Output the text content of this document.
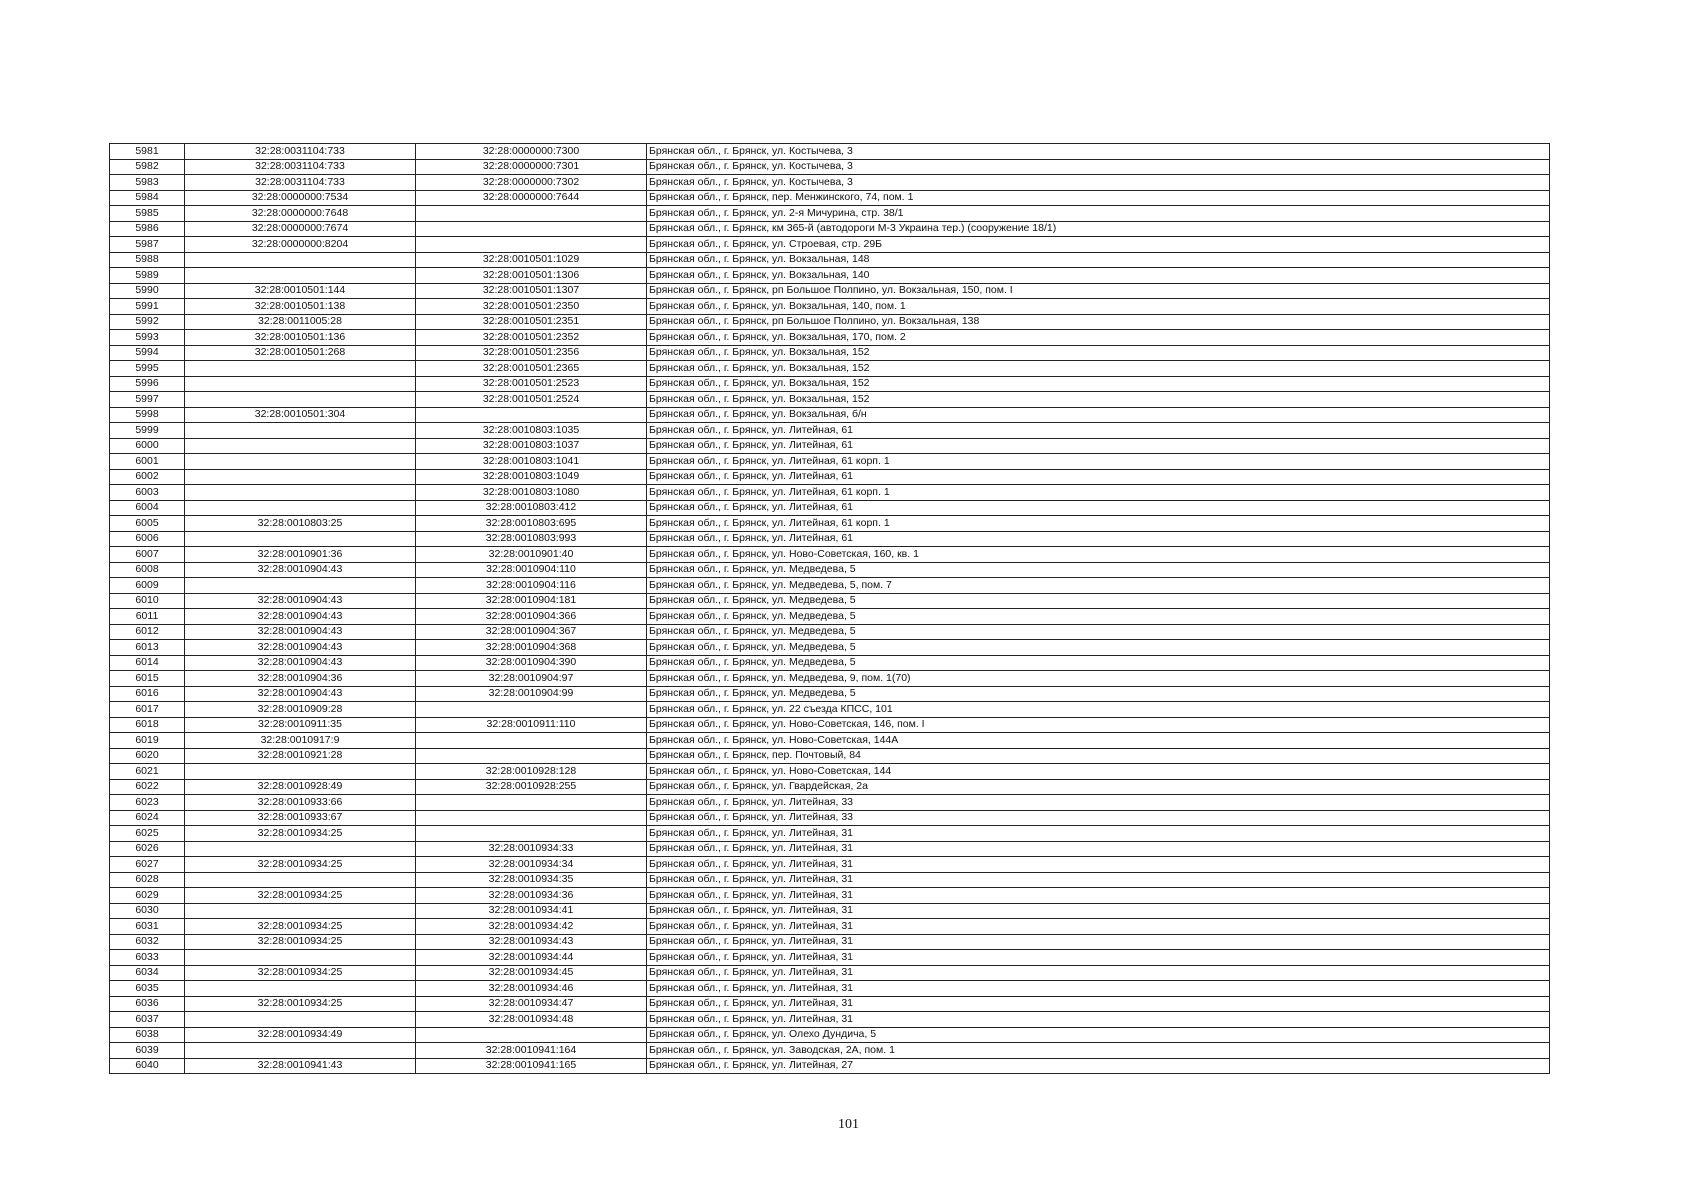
5981	32:28:0031104:733	32:28:0000000:7300	Брянская обл., г. Брянск, ул. Костычева, 3
5982	32:28:0031104:733	32:28:0000000:7301	Брянская обл., г. Брянск, ул. Костычева, 3
5983	32:28:0031104:733	32:28:0000000:7302	Брянская обл., г. Брянск, ул. Костычева, 3
5984	32:28:0000000:7534	32:28:0000000:7644	Брянская обл., г. Брянск, пер. Менжинского, 74, пом. 1
5985	32:28:0000000:7648		Брянская обл., г. Брянск, ул. 2-я Мичурина, стр. 38/1
5986	32:28:0000000:7674		Брянская обл., г. Брянск, км 365-й (автодороги М-3 Украина тер.) (сооружение 18/1)
5987	32:28:0000000:8204		Брянская обл., г. Брянск, ул. Строевая, стр. 29Б
5988		32:28:0010501:1029	Брянская обл., г. Брянск, ул. Вокзальная, 148
5989		32:28:0010501:1306	Брянская обл., г. Брянск, ул. Вокзальная, 140
5990	32:28:0010501:144	32:28:0010501:1307	Брянская обл., г. Брянск, рп Большое Полпино, ул. Вокзальная, 150, пом. I
5991	32:28:0010501:138	32:28:0010501:2350	Брянская обл., г. Брянск, ул. Вокзальная, 140, пом. 1
5992	32:28:0011005:28	32:28:0010501:2351	Брянская обл., г. Брянск, рп Большое Полпино, ул. Вокзальная, 138
5993	32:28:0010501:136	32:28:0010501:2352	Брянская обл., г. Брянск, ул. Вокзальная, 170, пом. 2
5994	32:28:0010501:268	32:28:0010501:2356	Брянская обл., г. Брянск, ул. Вокзальная, 152
5995		32:28:0010501:2365	Брянская обл., г. Брянск, ул. Вокзальная, 152
5996		32:28:0010501:2523	Брянская обл., г. Брянск, ул. Вокзальная, 152
5997		32:28:0010501:2524	Брянская обл., г. Брянск, ул. Вокзальная, 152
5998	32:28:0010501:304		Брянская обл., г. Брянск, ул. Вокзальная, б/н
5999		32:28:0010803:1035	Брянская обл., г. Брянск, ул. Литейная, 61
6000		32:28:0010803:1037	Брянская обл., г. Брянск, ул. Литейная, 61
6001		32:28:0010803:1041	Брянская обл., г. Брянск, ул. Литейная, 61 корп. 1
6002		32:28:0010803:1049	Брянская обл., г. Брянск, ул. Литейная, 61
6003		32:28:0010803:1080	Брянская обл., г. Брянск, ул. Литейная, 61 корп. 1
6004		32:28:0010803:412	Брянская обл., г. Брянск, ул. Литейная, 61
6005	32:28:0010803:25	32:28:0010803:695	Брянская обл., г. Брянск, ул. Литейная, 61 корп. 1
6006		32:28:0010803:993	Брянская обл., г. Брянск, ул. Литейная, 61
6007	32:28:0010901:36	32:28:0010901:40	Брянская обл., г. Брянск, ул. Ново-Советская, 160, кв. 1
6008	32:28:0010904:43	32:28:0010904:110	Брянская обл., г. Брянск, ул. Медведева, 5
6009		32:28:0010904:116	Брянская обл., г. Брянск, ул. Медведева, 5, пом. 7
6010	32:28:0010904:43	32:28:0010904:181	Брянская обл., г. Брянск, ул. Медведева, 5
6011	32:28:0010904:43	32:28:0010904:366	Брянская обл., г. Брянск, ул. Медведева, 5
6012	32:28:0010904:43	32:28:0010904:367	Брянская обл., г. Брянск, ул. Медведева, 5
6013	32:28:0010904:43	32:28:0010904:368	Брянская обл., г. Брянск, ул. Медведева, 5
6014	32:28:0010904:43	32:28:0010904:390	Брянская обл., г. Брянск, ул. Медведева, 5
6015	32:28:0010904:36	32:28:0010904:97	Брянская обл., г. Брянск, ул. Медведева, 9, пом. 1(70)
6016	32:28:0010904:43	32:28:0010904:99	Брянская обл., г. Брянск, ул. Медведева, 5
6017	32:28:0010909:28		Брянская обл., г. Брянск, ул. 22 съезда КПСС, 101
6018	32:28:0010911:35	32:28:0010911:110	Брянская обл., г. Брянск, ул. Ново-Советская, 146, пом. I
6019	32:28:0010917:9		Брянская обл., г. Брянск, ул. Ново-Советская, 144А
6020	32:28:0010921:28		Брянская обл., г. Брянск, пер. Почтовый, 84
6021		32:28:0010928:128	Брянская обл., г. Брянск, ул. Ново-Советская, 144
6022	32:28:0010928:49	32:28:0010928:255	Брянская обл., г. Брянск, ул. Гвардейская, 2а
6023	32:28:0010933:66		Брянская обл., г. Брянск, ул. Литейная, 33
6024	32:28:0010933:67		Брянская обл., г. Брянск, ул. Литейная, 33
6025	32:28:0010934:25		Брянская обл., г. Брянск, ул. Литейная, 31
6026		32:28:0010934:33	Брянская обл., г. Брянск, ул. Литейная, 31
6027	32:28:0010934:25	32:28:0010934:34	Брянская обл., г. Брянск, ул. Литейная, 31
6028		32:28:0010934:35	Брянская обл., г. Брянск, ул. Литейная, 31
6029	32:28:0010934:25	32:28:0010934:36	Брянская обл., г. Брянск, ул. Литейная, 31
6030		32:28:0010934:41	Брянская обл., г. Брянск, ул. Литейная, 31
6031	32:28:0010934:25	32:28:0010934:42	Брянская обл., г. Брянск, ул. Литейная, 31
6032	32:28:0010934:25	32:28:0010934:43	Брянская обл., г. Брянск, ул. Литейная, 31
6033		32:28:0010934:44	Брянская обл., г. Брянск, ул. Литейная, 31
6034	32:28:0010934:25	32:28:0010934:45	Брянская обл., г. Брянск, ул. Литейная, 31
6035		32:28:0010934:46	Брянская обл., г. Брянск, ул. Литейная, 31
6036	32:28:0010934:25	32:28:0010934:47	Брянская обл., г. Брянск, ул. Литейная, 31
6037		32:28:0010934:48	Брянская обл., г. Брянск, ул. Литейная, 31
6038	32:28:0010934:49		Брянская обл., г. Брянск, ул. Олехо Дундича, 5
6039		32:28:0010941:164	Брянская обл., г. Брянск, ул. Заводская, 2А, пом. 1
6040	32:28:0010941:43	32:28:0010941:165	Брянская обл., г. Брянск, ул. Литейная, 27
101
